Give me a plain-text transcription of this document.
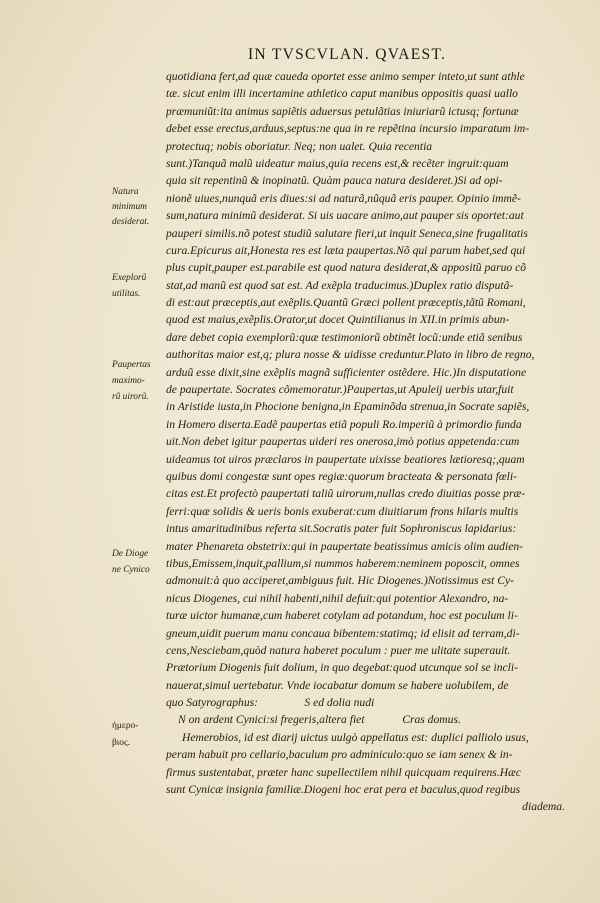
IN TVSCVLAN. QVAEST.
Natura
minimum
desiderat.
Exeplorũ
utilitas.
Paupertas
maximo-
rũ uirorũ.
De Dioge
ne Cynico
ἡμερο-
βιος.
quotidiana fert,ad quæ caueda oportet esse animo semper inteto,ut sunt athle
tæ. sicut enim illi incertamine athletico caput manibus oppositis quasi uallo
præmuniũt:ita animus sapiẽtis aduersus petulãtias iniuriarũ ictusq; fortunæ
debet esse erectus,arduus,septus:ne qua in re repẽtina incursio imparatum im-
protectuq; nobis oboriatur. Neq; non ualet. Quia recentia
sunt.)Tanquã malũ uideatur maius,quia recens est,& recẽter ingruit:quam
quia sit repentinũ & inopinatũ. Quàm pauca natura desideret.)Si ad opi-
nionẽ uiues,nunquã eris diues:si ad naturã,nũquã eris pauper. Opinio immẽ-
sum,natura minimũ desiderat. Si uis uacare animo,aut pauper sis oportet:aut
pauperi similis.nõ potest studiũ salutare fieri,ut inquit Seneca,sine frugalitatis
cura.Epicurus ait,Honesta res est læta paupertas.Nõ qui parum habet,sed qui
plus cupit,pauper est.parabile est quod natura desiderat,& appositũ paruo cõ
stat,ad manũ est quod sat est. Ad exẽpla traducimus.)Duplex ratio disputã-
di est:aut præceptis,aut exẽplis.Quantũ Græci pollent præceptis,tãtũ Romani,
quod est maius,exẽplis.Orator,ut docet Quintilianus in XII.in primis abun-
dare debet copia exemplorũ:quæ testimoniorũ obtinẽt locũ:unde etiã senibus
authoritas maior est,q; plura nosse & uidisse creduntur.Plato in libro de regno,
arduũ esse dixit,sine exẽplis magnã sufficienter ostẽdere. Hic.)In disputatione
de paupertate. Socrates cõmemoratur.)Paupertas,ut Apuleij uerbis utar,fuit
in Aristide iusta,in Phocione benigna,in Epaminõda strenua,in Socrate sapiẽs,
in Homero diserta.Eadẽ paupertas etiã populi Ro.imperiũ à primordio funda
uit.Non debet igitur paupertas uideri res onerosa,imò potius appetenda:cum
uideamus tot uiros præclaros in paupertate uixisse beatiores lætioresq;,quam
quibus domi congestæ sunt opes regiæ:quorum bracteata & personata fœli-
citas est.Et profectò paupertati taliũ uirorum,nullas credo diuitias posse præ-
ferri:quæ solidis & ueris bonis exuberat:cum diuitiarum frons hilaris multis
intus amaritudinibus referta sit.Socratis pater fuit Sophroniscus lapidarius:
mater Phenareta obstetrix:qui in paupertate beatissimus amicis olim audien-
tibus,Emissem,inquit,pallium,si nummos haberem:neminem poposcit, omnes
admonuit:à quo acciperet,ambiguus fuit. Hic Diogenes.)Notissimus est Cy-
nicus Diogenes, cui nihil habenti,nihil defuit:qui potentior Alexandro, na-
turæ uictor humanæ,cum haberet cotylam ad potandum, hoc est poculum li-
gneum,uidit puerum manu concaua bibentem:statimq; id elisit ad terram,di-
cens,Nesciebam,quòd natura haberet poculum : puer me ulitate superauit.
Prætorium Diogenis fuit dolium, in quo degebat:quod utcunque sol se incli-
nauerat,simul uertebatur. Vnde iocabatur domum se habere uolubilem, de
quo Satyrographus:                S ed dolia nudi
N on ardent Cynici:si fregeris,altera fiet             Cras domus.
Hemerobios, id est diarij uictus uulgò appellatus est: duplici palliolo usus,
peram habuit pro cellario,baculum pro adminiculo:quo se iam senex & in-
firmus sustentabat, præter hanc supellectilem nihil quicquam requirens.Hæc
sunt Cynicæ insignia familiæ.Diogeni hoc erat pera et baculus,quod regibus
diadema.
